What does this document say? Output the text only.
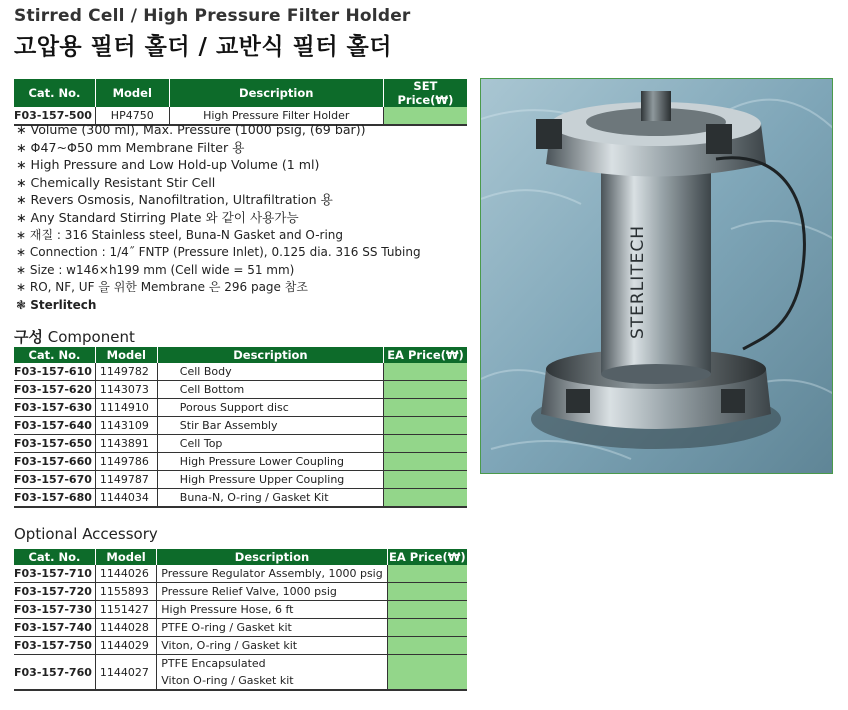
Stirred Cell / High Pressure Filter Holder
고압용 필터 홀더 / 교반식 필터 홀더
Cat. No.	Model	Description	SET Price(₩)
F03-157-500	HP4750	High Pressure Filter Holder	
∗ Volume (300 ml), Max. Pressure (1000 psig, (69 bar))
∗ Φ47~Φ50 mm Membrane Filter 용
∗ High Pressure and Low Hold-up Volume (1 ml)
∗ Chemically Resistant Stir Cell
∗ Revers Osmosis, Nanofiltration, Ultrafiltration 용
∗ Any Standard Stirring Plate 와 같이 사용가능
∗ 재질 : 316 Stainless steel, Buna-N Gasket and O-ring
∗ Connection : 1/4˝ FNTP (Pressure Inlet), 0.125 dia. 316 SS Tubing
∗ Size : w146×h199 mm (Cell wide = 51 mm)
∗ RO, NF, UF 을 위한 Membrane 은 296 page 참조
❃ Sterlitech
구성 Component
Cat. No.	Model	Description	EA Price(₩)
F03-157-610	1149782	Cell Body	
F03-157-620	1143073	Cell Bottom	
F03-157-630	1114910	Porous Support disc	
F03-157-640	1143109	Stir Bar Assembly	
F03-157-650	1143891	Cell Top	
F03-157-660	1149786	High Pressure Lower Coupling	
F03-157-670	1149787	High Pressure Upper Coupling	
F03-157-680	1144034	Buna-N, O-ring / Gasket Kit	
Optional Accessory
Cat. No.	Model	Description	EA Price(₩)
F03-157-710	1144026	Pressure Regulator Assembly, 1000 psig	
F03-157-720	1155893	Pressure Relief Valve, 1000 psig	
F03-157-730	1151427	High Pressure Hose, 6 ft	
F03-157-740	1144028	PTFE O-ring / Gasket kit	
F03-157-750	1144029	Viton, O-ring / Gasket kit	
F03-157-760	1144027	PTFE Encapsulated
Viton O-ring / Gasket kit	

STERLITECH
